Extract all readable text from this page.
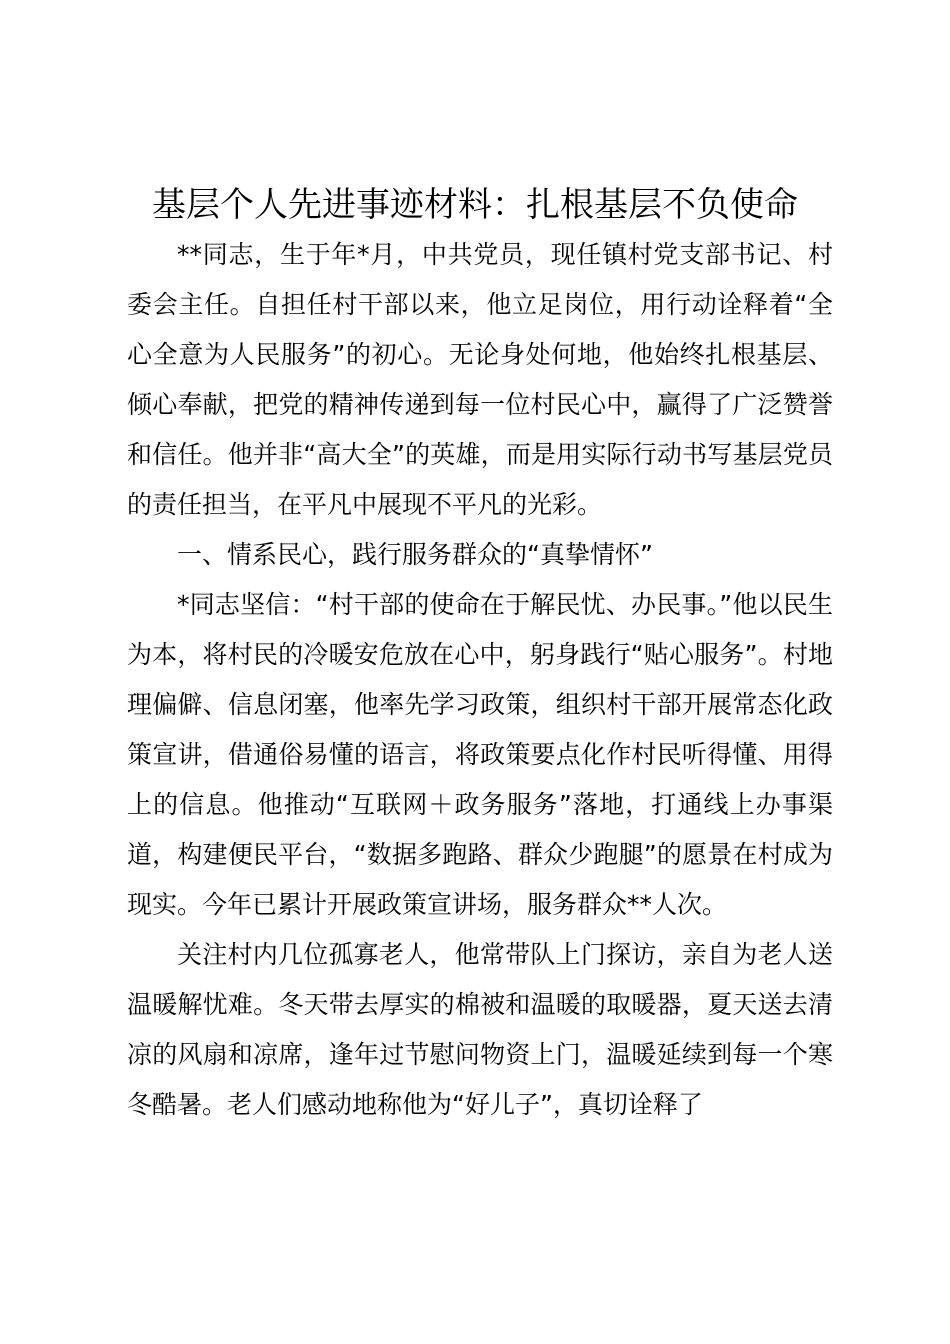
基层个人先进事迹材料：扎根基层不负使命

**同志，生于年*月，中共党员，现任镇村党支部书记、村委会主任。自担任村干部以来，他立足岗位，用行动诠释着“全心全意为人民服务”的初心。无论身处何地，他始终扎根基层、倾心奉献，把党的精神传递到每一位村民心中，赢得了广泛赞誉和信任。他并非“高大全”的英雄，而是用实际行动书写基层党员的责任担当，在平凡中展现不平凡的光彩。

一、情系民心，践行服务群众的“真挚情怀”

*同志坚信：“村干部的使命在于解民忧、办民事。”他以民生为本，将村民的冷暖安危放在心中，躬身践行“贴心服务”。村地理偏僻、信息闭塞，他率先学习政策，组织村干部开展常态化政策宣讲，借通俗易懂的语言，将政策要点化作村民听得懂、用得上的信息。他推动“互联网＋政务服务”落地，打通线上办事渠道，构建便民平台，“数据多跑路、群众少跑腿”的愿景在村成为现实。今年已累计开展政策宣讲场，服务群众**人次。

关注村内几位孤寡老人，他常带队上门探访，亲自为老人送温暖解忧难。冬天带去厚实的棉被和温暖的取暖器，夏天送去清凉的风扇和凉席，逢年过节慰问物资上门，温暖延续到每一个寒冬酷暑。老人们感动地称他为“好儿子”，真切诠释了
